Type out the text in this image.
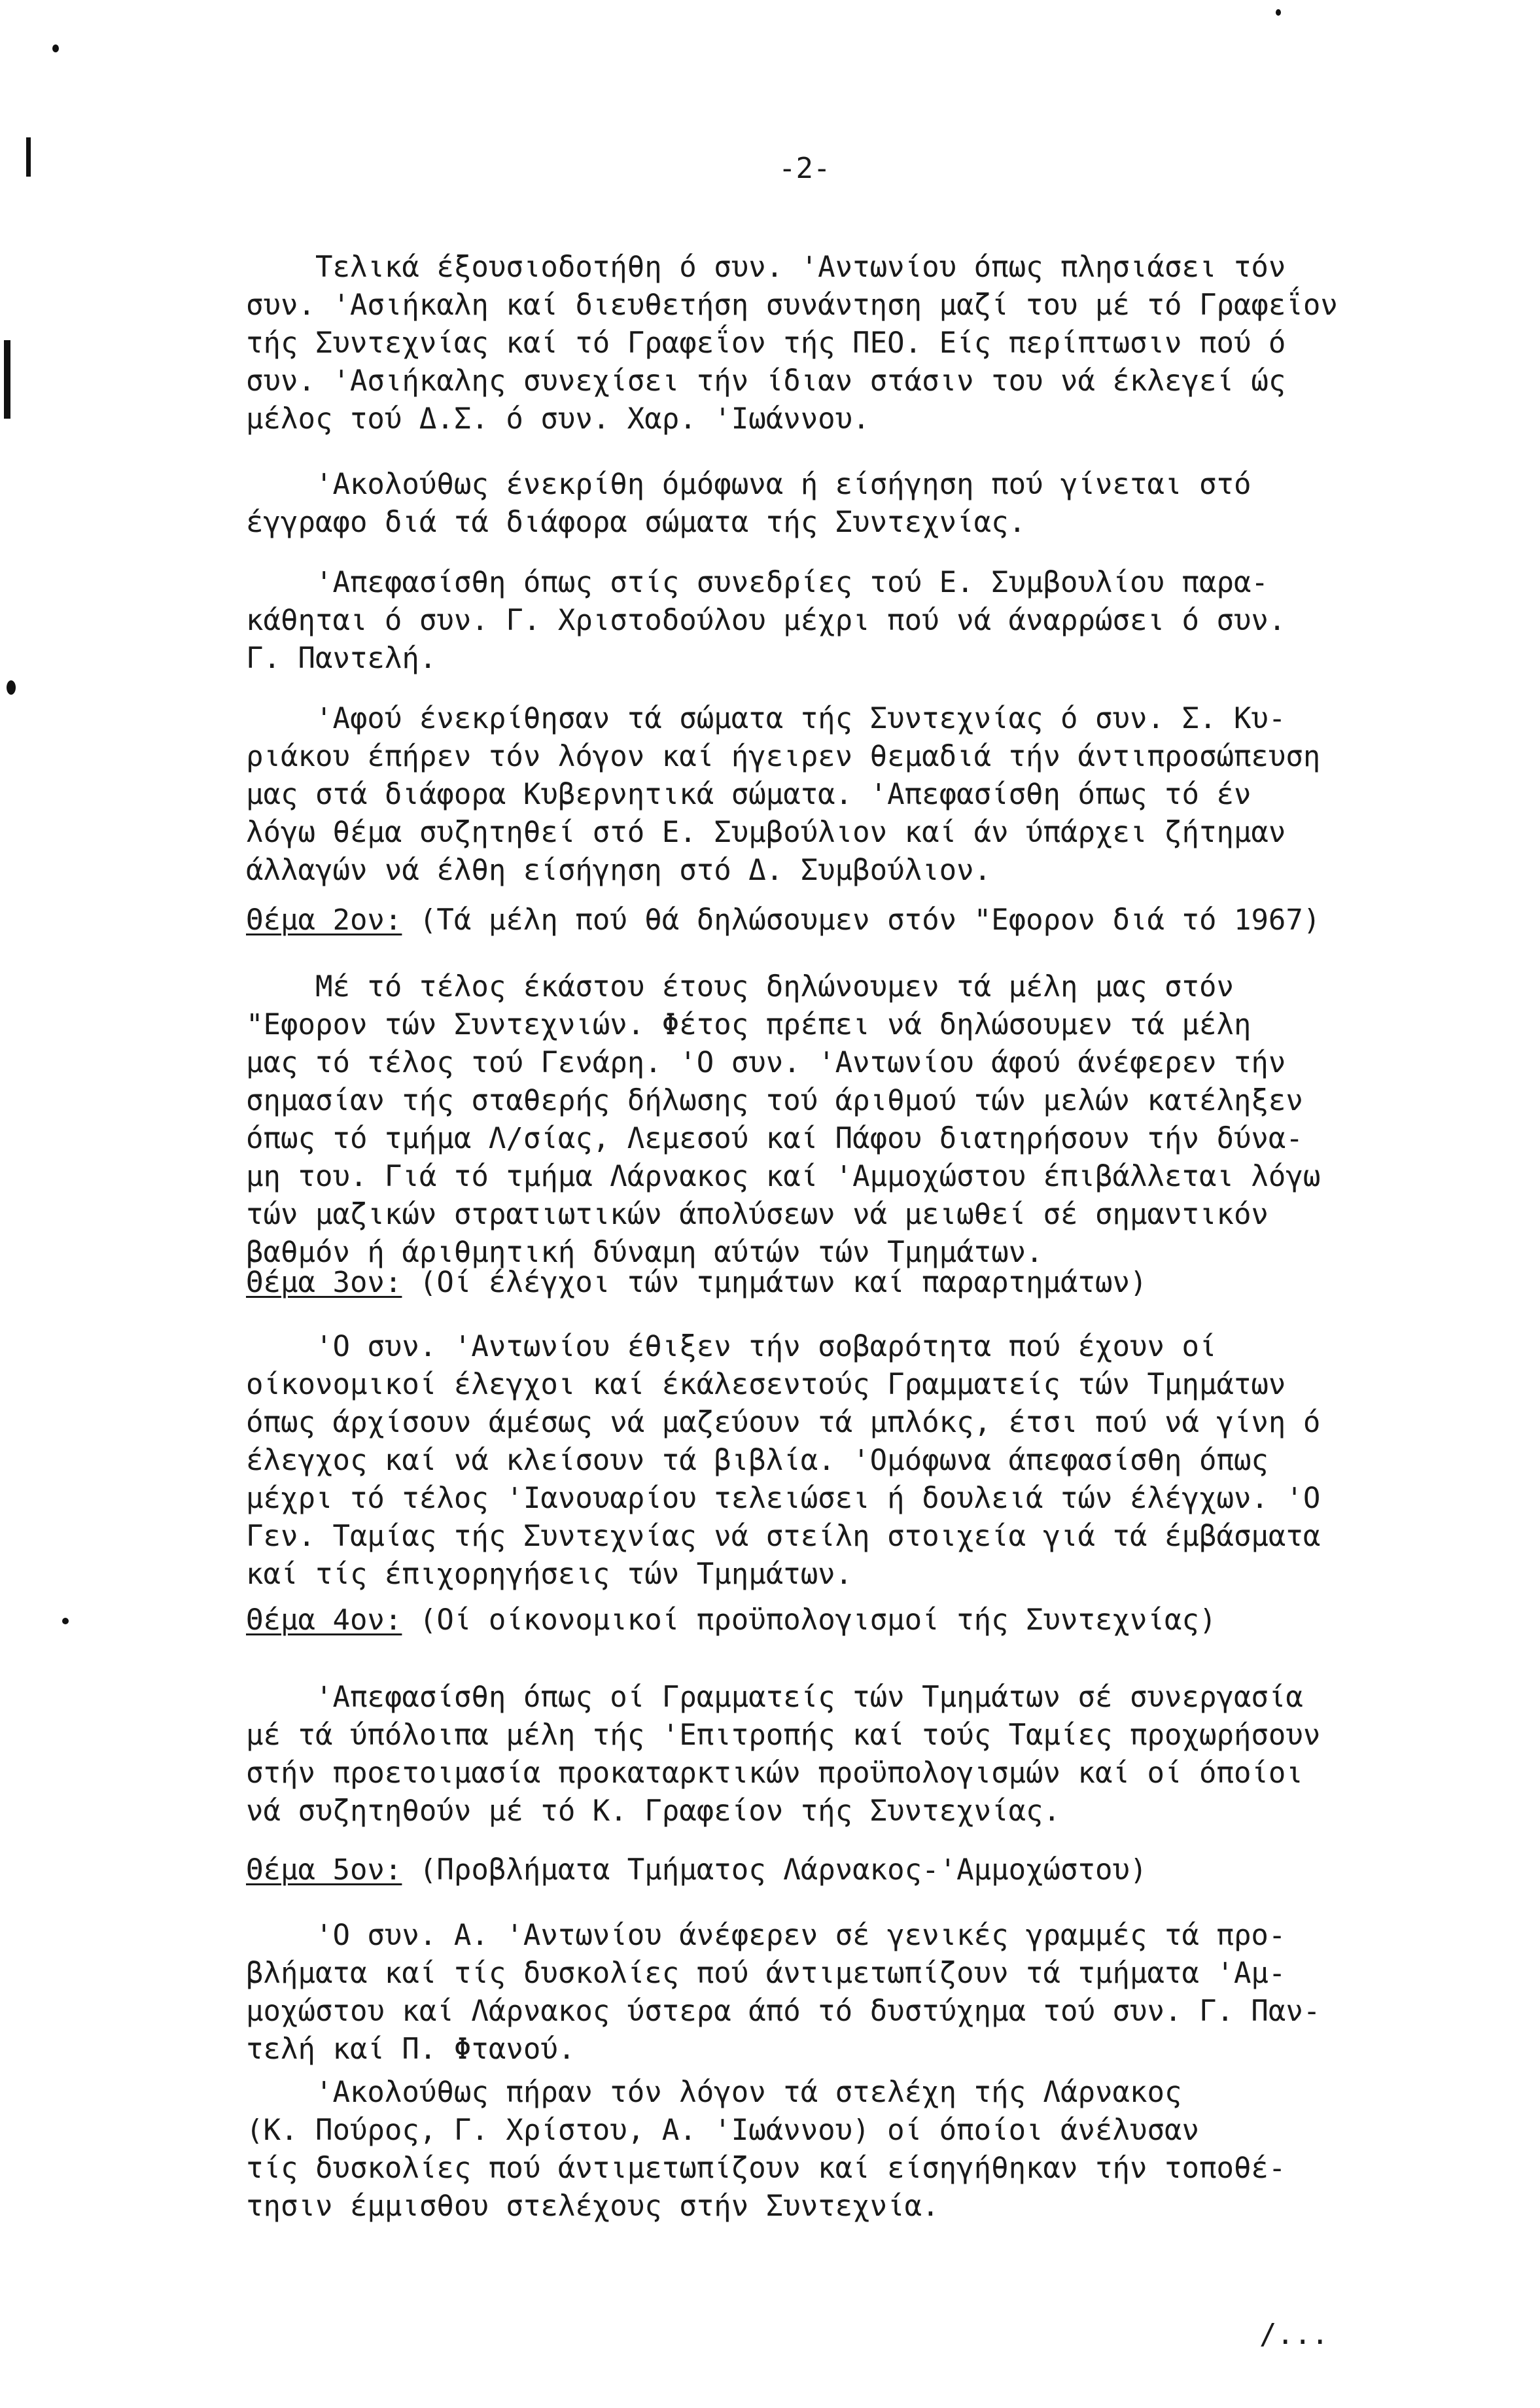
-2-
Τελικά έξουσιοδοτήθη ό συν. 'Αντωνίου όπως πλησιάσει τόν
συν. 'Ασιήκαλη καί διευθετήση συνάντηση μαζί του μέ τό Γραφεΐον
τής Συντεχνίας καί τό Γραφεΐον τής ΠΕΟ. Είς περίπτωσιν πού ό
συν. 'Ασιήκαλης συνεχίσει τήν ίδιαν στάσιν του νά έκλεγεί ώς
μέλος τού Δ.Σ. ό συν. Χαρ. 'Ιωάννου.
'Ακολούθως ένεκρίθη όμόφωνα ή είσήγηση πού γίνεται στό
έγγραφο διά τά διάφορα σώματα τής Συντεχνίας.
'Απεφασίσθη όπως στίς συνεδρίες τού Ε. Συμβουλίου παρα-
κάθηται ό συν. Γ. Χριστοδούλου μέχρι πού νά άναρρώσει ό συν.
Γ. Παντελή.
'Αφού ένεκρίθησαν τά σώματα τής Συντεχνίας ό συν. Σ. Κυ-
ριάκου έπήρεν τόν λόγον καί ήγειρεν θεμαδιά τήν άντιπροσώπευση
μας στά διάφορα Κυβερνητικά σώματα. 'Απεφασίσθη όπως τό έν
λόγω θέμα συζητηθεί στό Ε. Συμβούλιον καί άν ύπάρχει ζήτημαν
άλλαγών νά έλθη είσήγηση στό Δ. Συμβούλιον.
Θέμα 2ον: (Τά μέλη πού θά δηλώσουμεν στόν "Εφορον διά τό 1967)
Μέ τό τέλος έκάστου έτους δηλώνουμεν τά μέλη μας στόν
"Εφορον τών Συντεχνιών. Φέτος πρέπει νά δηλώσουμεν τά μέλη
μας τό τέλος τού Γενάρη. 'Ο συν. 'Αντωνίου άφού άνέφερεν τήν
σημασίαν τής σταθερής δήλωσης τού άριθμού τών μελών κατέληξεν
όπως τό τμήμα Λ/σίας, Λεμεσού καί Πάφου διατηρήσουν τήν δύνα-
μη του. Γιά τό τμήμα Λάρνακος καί 'Αμμοχώστου έπιβάλλεται λόγω
τών μαζικών στρατιωτικών άπολύσεων νά μειωθεί σέ σημαντικόν
βαθμόν ή άριθμητική δύναμη αύτών τών Τμημάτων.
Θέμα 3ον: (Οί έλέγχοι τών τμημάτων καί παραρτημάτων)
'Ο συν. 'Αντωνίου έθιξεν τήν σοβαρότητα πού έχουν οί
οίκονομικοί έλεγχοι καί έκάλεσεντούς Γραμματείς τών Τμημάτων
όπως άρχίσουν άμέσως νά μαζεύουν τά μπλόκς, έτσι πού νά γίνη ό
έλεγχος καί νά κλείσουν τά βιβλία. 'Ομόφωνα άπεφασίσθη όπως
μέχρι τό τέλος 'Ιανουαρίου τελειώσει ή δουλειά τών έλέγχων. 'Ο
Γεν. Ταμίας τής Συντεχνίας νά στείλη στοιχεία γιά τά έμβάσματα
καί τίς έπιχορηγήσεις τών Τμημάτων.
Θέμα 4ον: (Οί οίκονομικοί προϋπολογισμοί τής Συντεχνίας)
'Απεφασίσθη όπως οί Γραμματείς τών Τμημάτων σέ συνεργασία
μέ τά ύπόλοιπα μέλη τής 'Επιτροπής καί τούς Ταμίες προχωρήσουν
στήν προετοιμασία προκαταρκτικών προϋπολογισμών καί οί όποίοι
νά συζητηθούν μέ τό Κ. Γραφείον τής Συντεχνίας.
Θέμα 5ον: (Προβλήματα Τμήματος Λάρνακος-'Αμμοχώστου)
'Ο συν. Α. 'Αντωνίου άνέφερεν σέ γενικές γραμμές τά προ-
βλήματα καί τίς δυσκολίες πού άντιμετωπίζουν τά τμήματα 'Αμ-
μοχώστου καί Λάρνακος ύστερα άπό τό δυστύχημα τού συν. Γ. Παν-
τελή καί Π. Φτανού.
'Ακολούθως πήραν τόν λόγον τά στελέχη τής Λάρνακος
(Κ. Πούρος, Γ. Χρίστου, Α. 'Ιωάννου) οί όποίοι άνέλυσαν
τίς δυσκολίες πού άντιμετωπίζουν καί είσηγήθηκαν τήν τοποθέ-
τησιν έμμισθου στελέχους στήν Συντεχνία.
/...
